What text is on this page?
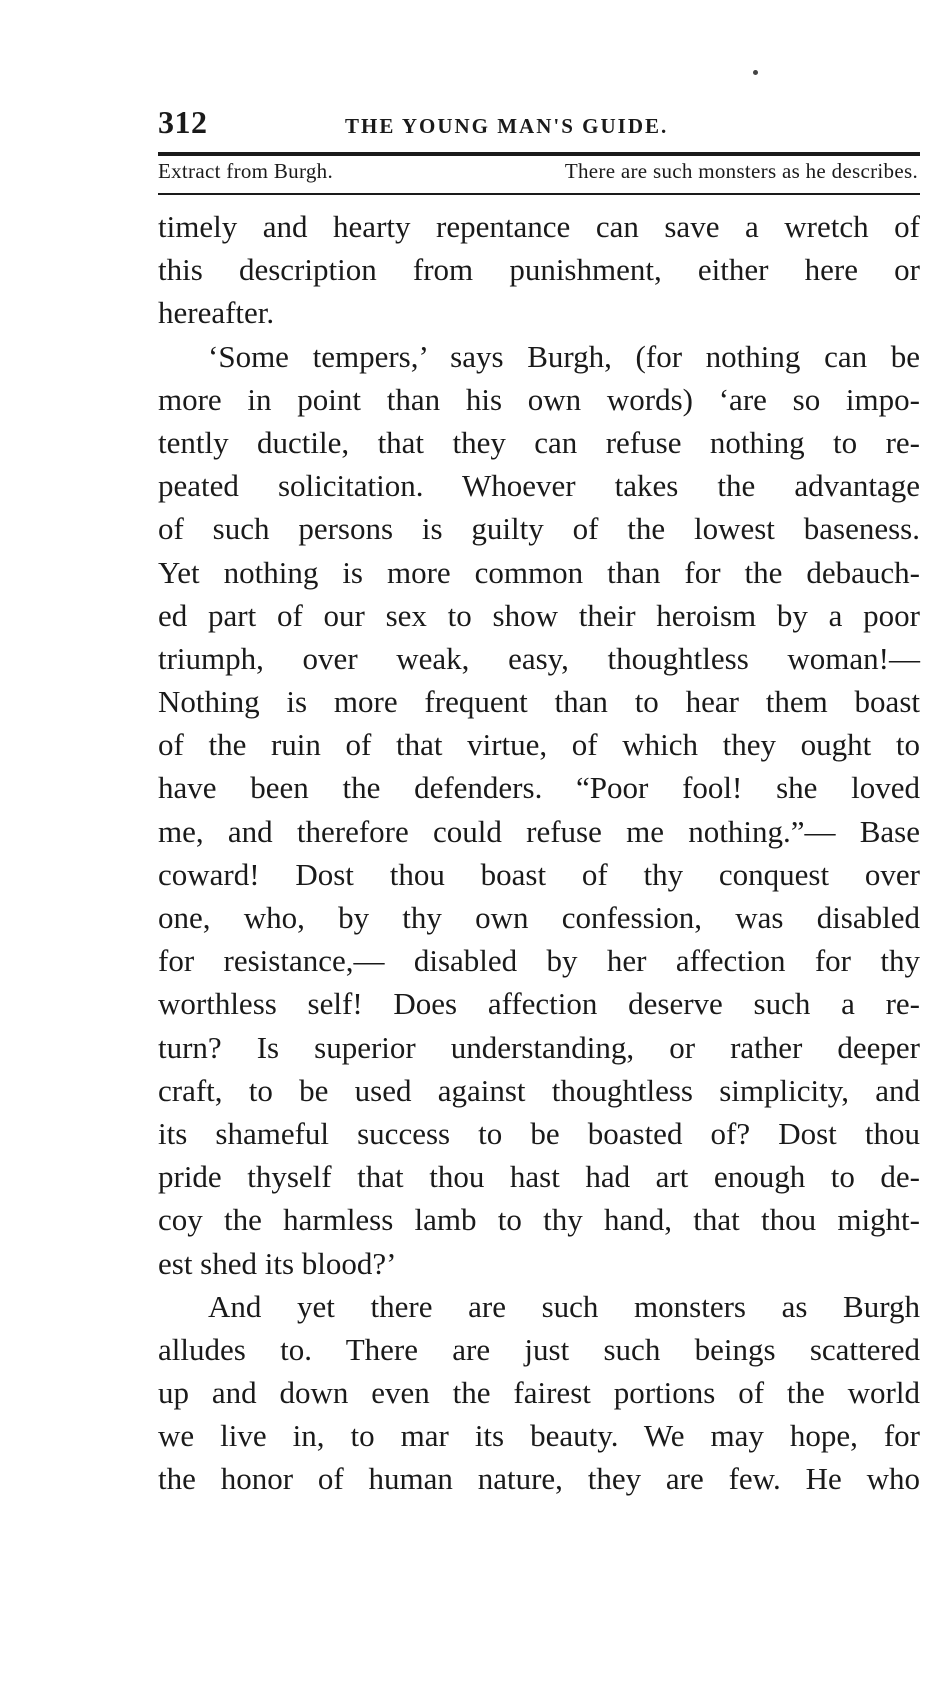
312	THE YOUNG MAN'S GUIDE.
Extract from Burgh.	There are such monsters as he describes.
timely and hearty repentance can save a wretch of
this description from punishment, either here or
hereafter.
‘Some tempers,’ says Burgh, (for nothing can be
more in point than his own words) ‘are so impo-
tently ductile, that they can refuse nothing to re-
peated solicitation. Whoever takes the advantage
of such persons is guilty of the lowest baseness.
Yet nothing is more common than for the debauch-
ed part of our sex to show their heroism by a poor
triumph, over weak, easy, thoughtless woman!—
Nothing is more frequent than to hear them boast
of the ruin of that virtue, of which they ought to
have been the defenders. “Poor fool! she loved
me, and therefore could refuse me nothing.”— Base
coward! Dost thou boast of thy conquest over
one, who, by thy own confession, was disabled
for resistance,— disabled by her affection for thy
worthless self! Does affection deserve such a re-
turn? Is superior understanding, or rather deeper
craft, to be used against thoughtless simplicity, and
its shameful success to be boasted of? Dost thou
pride thyself that thou hast had art enough to de-
coy the harmless lamb to thy hand, that thou might-
est shed its blood?’
And yet there are such monsters as Burgh
alludes to. There are just such beings scattered
up and down even the fairest portions of the world
we live in, to mar its beauty. We may hope, for
the honor of human nature, they are few. He who
